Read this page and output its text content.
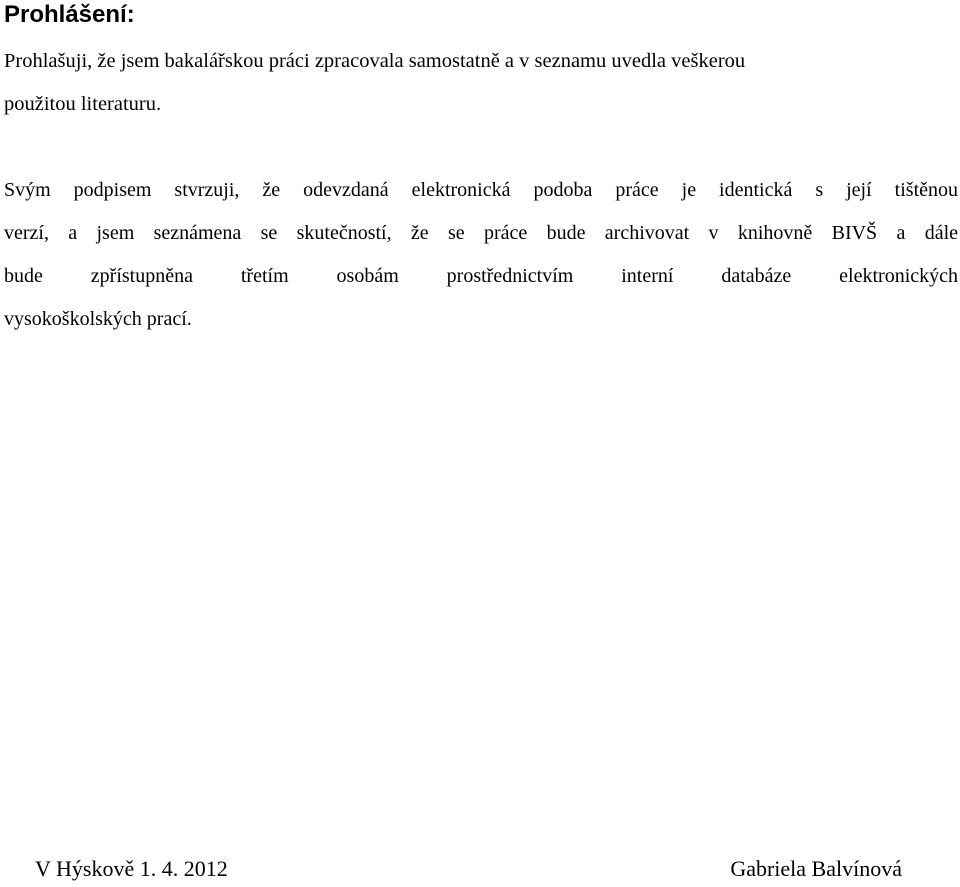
Prohlášení:

Prohlašuji, že jsem bakalářskou práci zpracovala samostatně a v seznamu uvedla veškerou
použitou literaturu.

Svým podpisem stvrzuji, že odevzdaná elektronická podoba práce je identická s její tištěnou
verzí, a jsem seznámena se skutečností, že se práce bude archivovat v knihovně BIVŠ a dále
bude zpřístupněna třetím osobám prostřednictvím interní databáze elektronických
vysokoškolských prací.

V Hýskově 1. 4. 2012	Gabriela Balvínová
